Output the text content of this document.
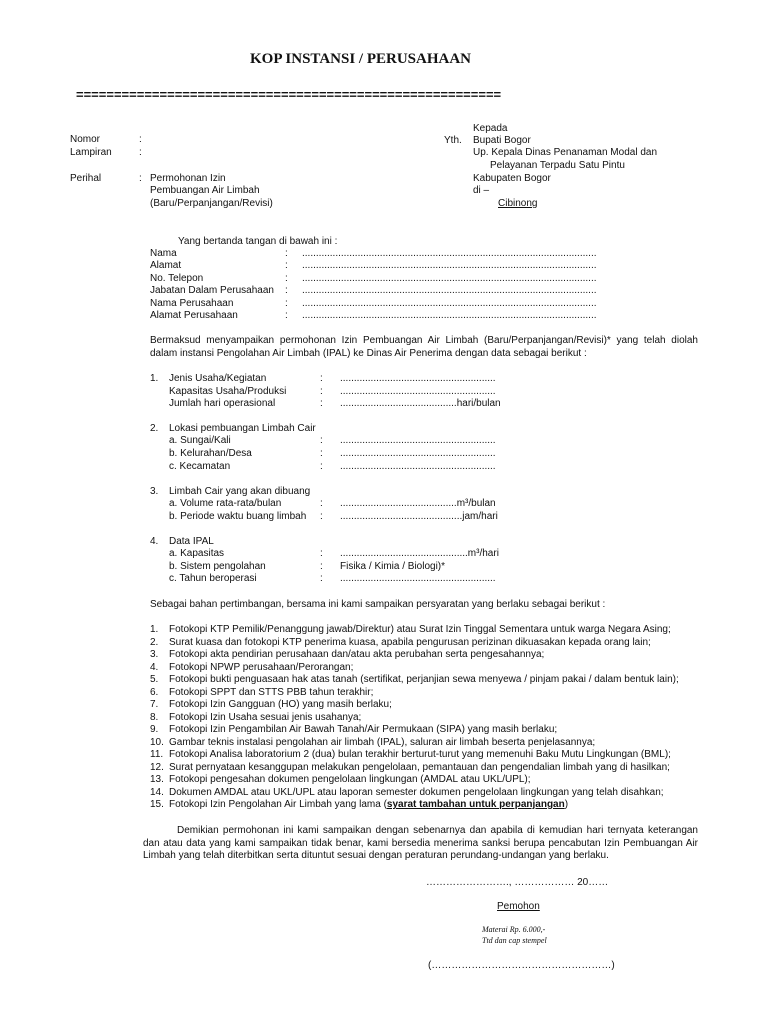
KOP INSTANSI / PERUSAHAAN
========================================================
Nomor	:
Lampiran	:
Perihal	: Permohonan Izin
Pembuangan Air Limbah
(Baru/Perpanjangan/Revisi)
Kepada
Yth. Bupati Bogor
Up. Kepala Dinas Penanaman Modal dan
Pelayanan Terpadu Satu Pintu
Kabupaten Bogor
di –
Cibinong
Yang bertanda tangan di bawah ini :
Nama	: ..........................................................................................................
Alamat	: ..........................................................................................................
No. Telepon	: ..........................................................................................................
Jabatan Dalam Perusahaan : ..........................................................................................................
Nama Perusahaan	: ..........................................................................................................
Alamat Perusahaan	: ..........................................................................................................
Bermaksud menyampaikan permohonan Izin Pembuangan Air Limbah (Baru/Perpanjangan/Revisi)* yang telah diolah dalam instansi Pengolahan Air Limbah (IPAL) ke Dinas Air Penerima dengan data sebagai berikut :
1. Jenis Usaha/Kegiatan	: ........................................................
Kapasitas Usaha/Produksi	: ........................................................
Jumlah hari operasional	: ..........................................hari/bulan
2. Lokasi pembuangan Limbah Cair
a. Sungai/Kali	: ........................................................
b. Kelurahan/Desa	: ........................................................
c. Kecamatan	: ........................................................
3. Limbah Cair yang akan dibuang
a. Volume rata-rata/bulan	: ..........................................m³/bulan
b. Periode waktu buang limbah : ............................................jam/hari
4. Data IPAL
a. Kapasitas	: ..............................................m³/hari
b. Sistem pengolahan	: Fisika / Kimia / Biologi)*
c. Tahun beroperasi	: ........................................................
Sebagai bahan pertimbangan, bersama ini kami sampaikan persyaratan yang berlaku sebagai berikut :
1. Fotokopi KTP Pemilik/Penanggung jawab/Direktur) atau Surat Izin Tinggal Sementara untuk warga Negara Asing;
2. Surat kuasa dan fotokopi KTP penerima kuasa, apabila pengurusan perizinan dikuasakan kepada orang lain;
3. Fotokopi akta pendirian perusahaan dan/atau akta perubahan serta pengesahannya;
4. Fotokopi NPWP perusahaan/Perorangan;
5. Fotokopi bukti penguasaan hak atas tanah (sertifikat, perjanjian sewa menyewa / pinjam pakai / dalam bentuk lain);
6. Fotokopi SPPT dan STTS PBB tahun terakhir;
7. Fotokopi Izin Gangguan (HO) yang masih berlaku;
8. Fotokopi Izin Usaha sesuai jenis usahanya;
9. Fotokopi Izin Pengambilan Air Bawah Tanah/Air Permukaan (SIPA) yang masih berlaku;
10. Gambar teknis instalasi pengolahan air limbah (IPAL), saluran air limbah beserta penjelasannya;
11. Fotokopi Analisa laboratorium 2 (dua) bulan terakhir berturut-turut yang memenuhi Baku Mutu Lingkungan (BML);
12. Surat pernyataan kesanggupan melakukan pengelolaan, pemantauan dan pengendalian limbah yang di hasilkan;
13. Fotokopi pengesahan dokumen pengelolaan lingkungan (AMDAL atau UKL/UPL);
14. Dokumen AMDAL atau UKL/UPL atau laporan semester dokumen pengelolaan lingkungan yang telah disahkan;
15. Fotokopi Izin Pengolahan Air Limbah yang lama (syarat tambahan untuk perpanjangan)
Demikian permohonan ini kami sampaikan dengan sebenarnya dan apabila di kemudian hari ternyata keterangan dan atau data yang kami sampaikan tidak benar, kami bersedia menerima sanksi berupa pencabutan Izin Pembuangan Air Limbah yang telah diterbitkan serta dituntut sesuai dengan peraturan perundang-undangan yang berlaku.
……………………., ……………… 20……
Pemohon
Materai Rp. 6.000,-
Ttd dan cap stempel
(………………………………………………)
